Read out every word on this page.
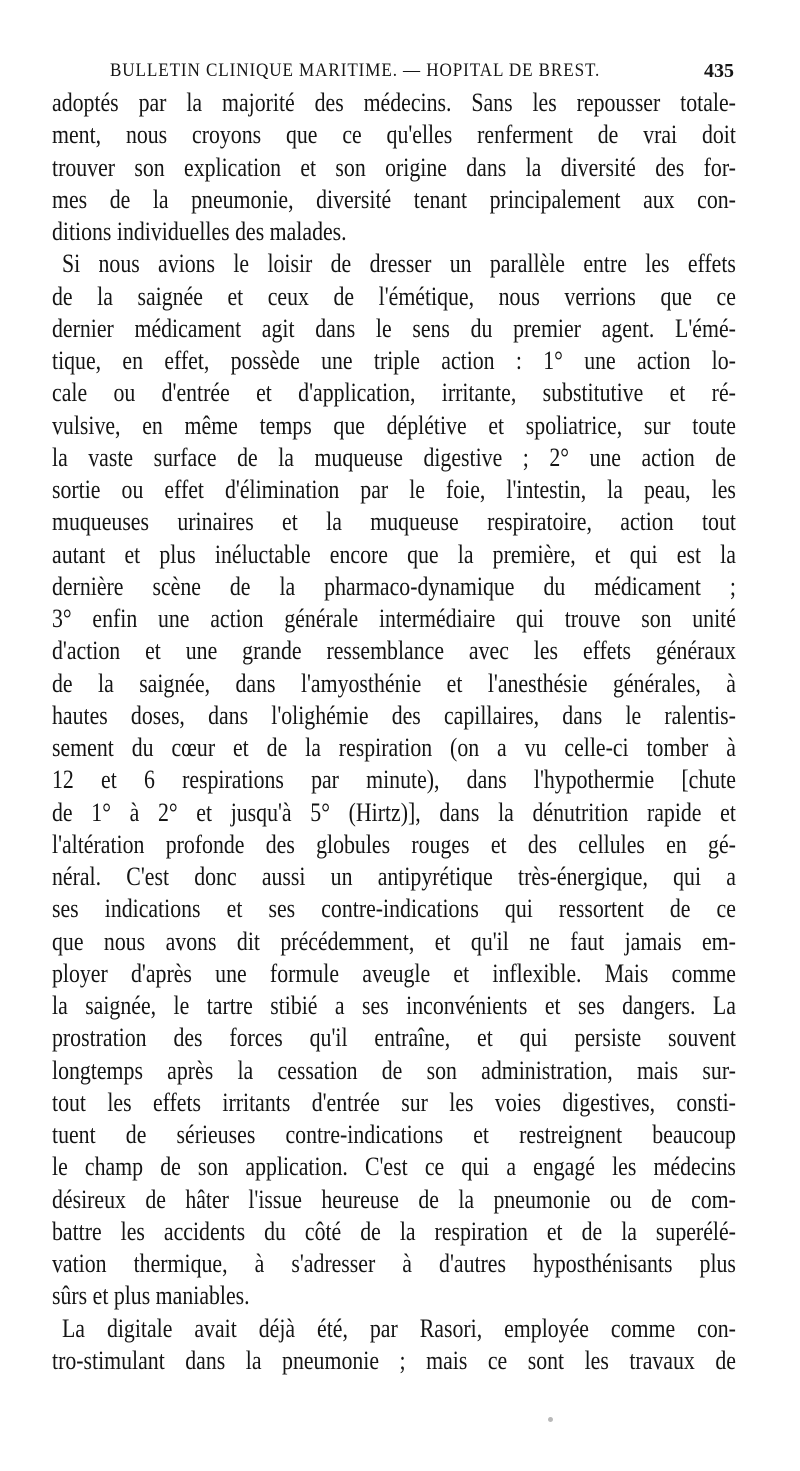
BULLETIN CLINIQUE MARITIME. — HOPITAL DE BREST.	435
adoptés par la majorité des médecins. Sans les repousser totale-
ment, nous croyons que ce qu'elles renferment de vrai doit
trouver son explication et son origine dans la diversité des for-
mes de la pneumonie, diversité tenant principalement aux con-
ditions individuelles des malades.
Si nous avions le loisir de dresser un parallèle entre les effets
de la saignée et ceux de l'émétique, nous verrions que ce
dernier médicament agit dans le sens du premier agent. L'émé-
tique, en effet, possède une triple action : 1° une action lo-
cale ou d'entrée et d'application, irritante, substitutive et ré-
vulsive, en même temps que déplétive et spoliatrice, sur toute
la vaste surface de la muqueuse digestive ; 2° une action de
sortie ou effet d'élimination par le foie, l'intestin, la peau, les
muqueuses urinaires et la muqueuse respiratoire, action tout
autant et plus inéluctable encore que la première, et qui est la
dernière scène de la pharmaco-dynamique du médicament ;
3° enfin une action générale intermédiaire qui trouve son unité
d'action et une grande ressemblance avec les effets généraux
de la saignée, dans l'amyosthénie et l'anesthésie générales, à
hautes doses, dans l'olighémie des capillaires, dans le ralentis-
sement du cœur et de la respiration (on a vu celle-ci tomber à
12 et 6 respirations par minute), dans l'hypothermie [chute
de 1° à 2° et jusqu'à 5° (Hirtz)], dans la dénutrition rapide et
l'altération profonde des globules rouges et des cellules en gé-
néral. C'est donc aussi un antipyrétique très-énergique, qui a
ses indications et ses contre-indications qui ressortent de ce
que nous avons dit précédemment, et qu'il ne faut jamais em-
ployer d'après une formule aveugle et inflexible. Mais comme
la saignée, le tartre stibié a ses inconvénients et ses dangers. La
prostration des forces qu'il entraîne, et qui persiste souvent
longtemps après la cessation de son administration, mais sur-
tout les effets irritants d'entrée sur les voies digestives, consti-
tuent de sérieuses contre-indications et restreignent beaucoup
le champ de son application. C'est ce qui a engagé les médecins
désireux de hâter l'issue heureuse de la pneumonie ou de com-
battre les accidents du côté de la respiration et de la superélé-
vation thermique, à s'adresser à d'autres hyposthénisants plus
sûrs et plus maniables.
La digitale avait déjà été, par Rasori, employée comme con-
tro-stimulant dans la pneumonie ; mais ce sont les travaux de
